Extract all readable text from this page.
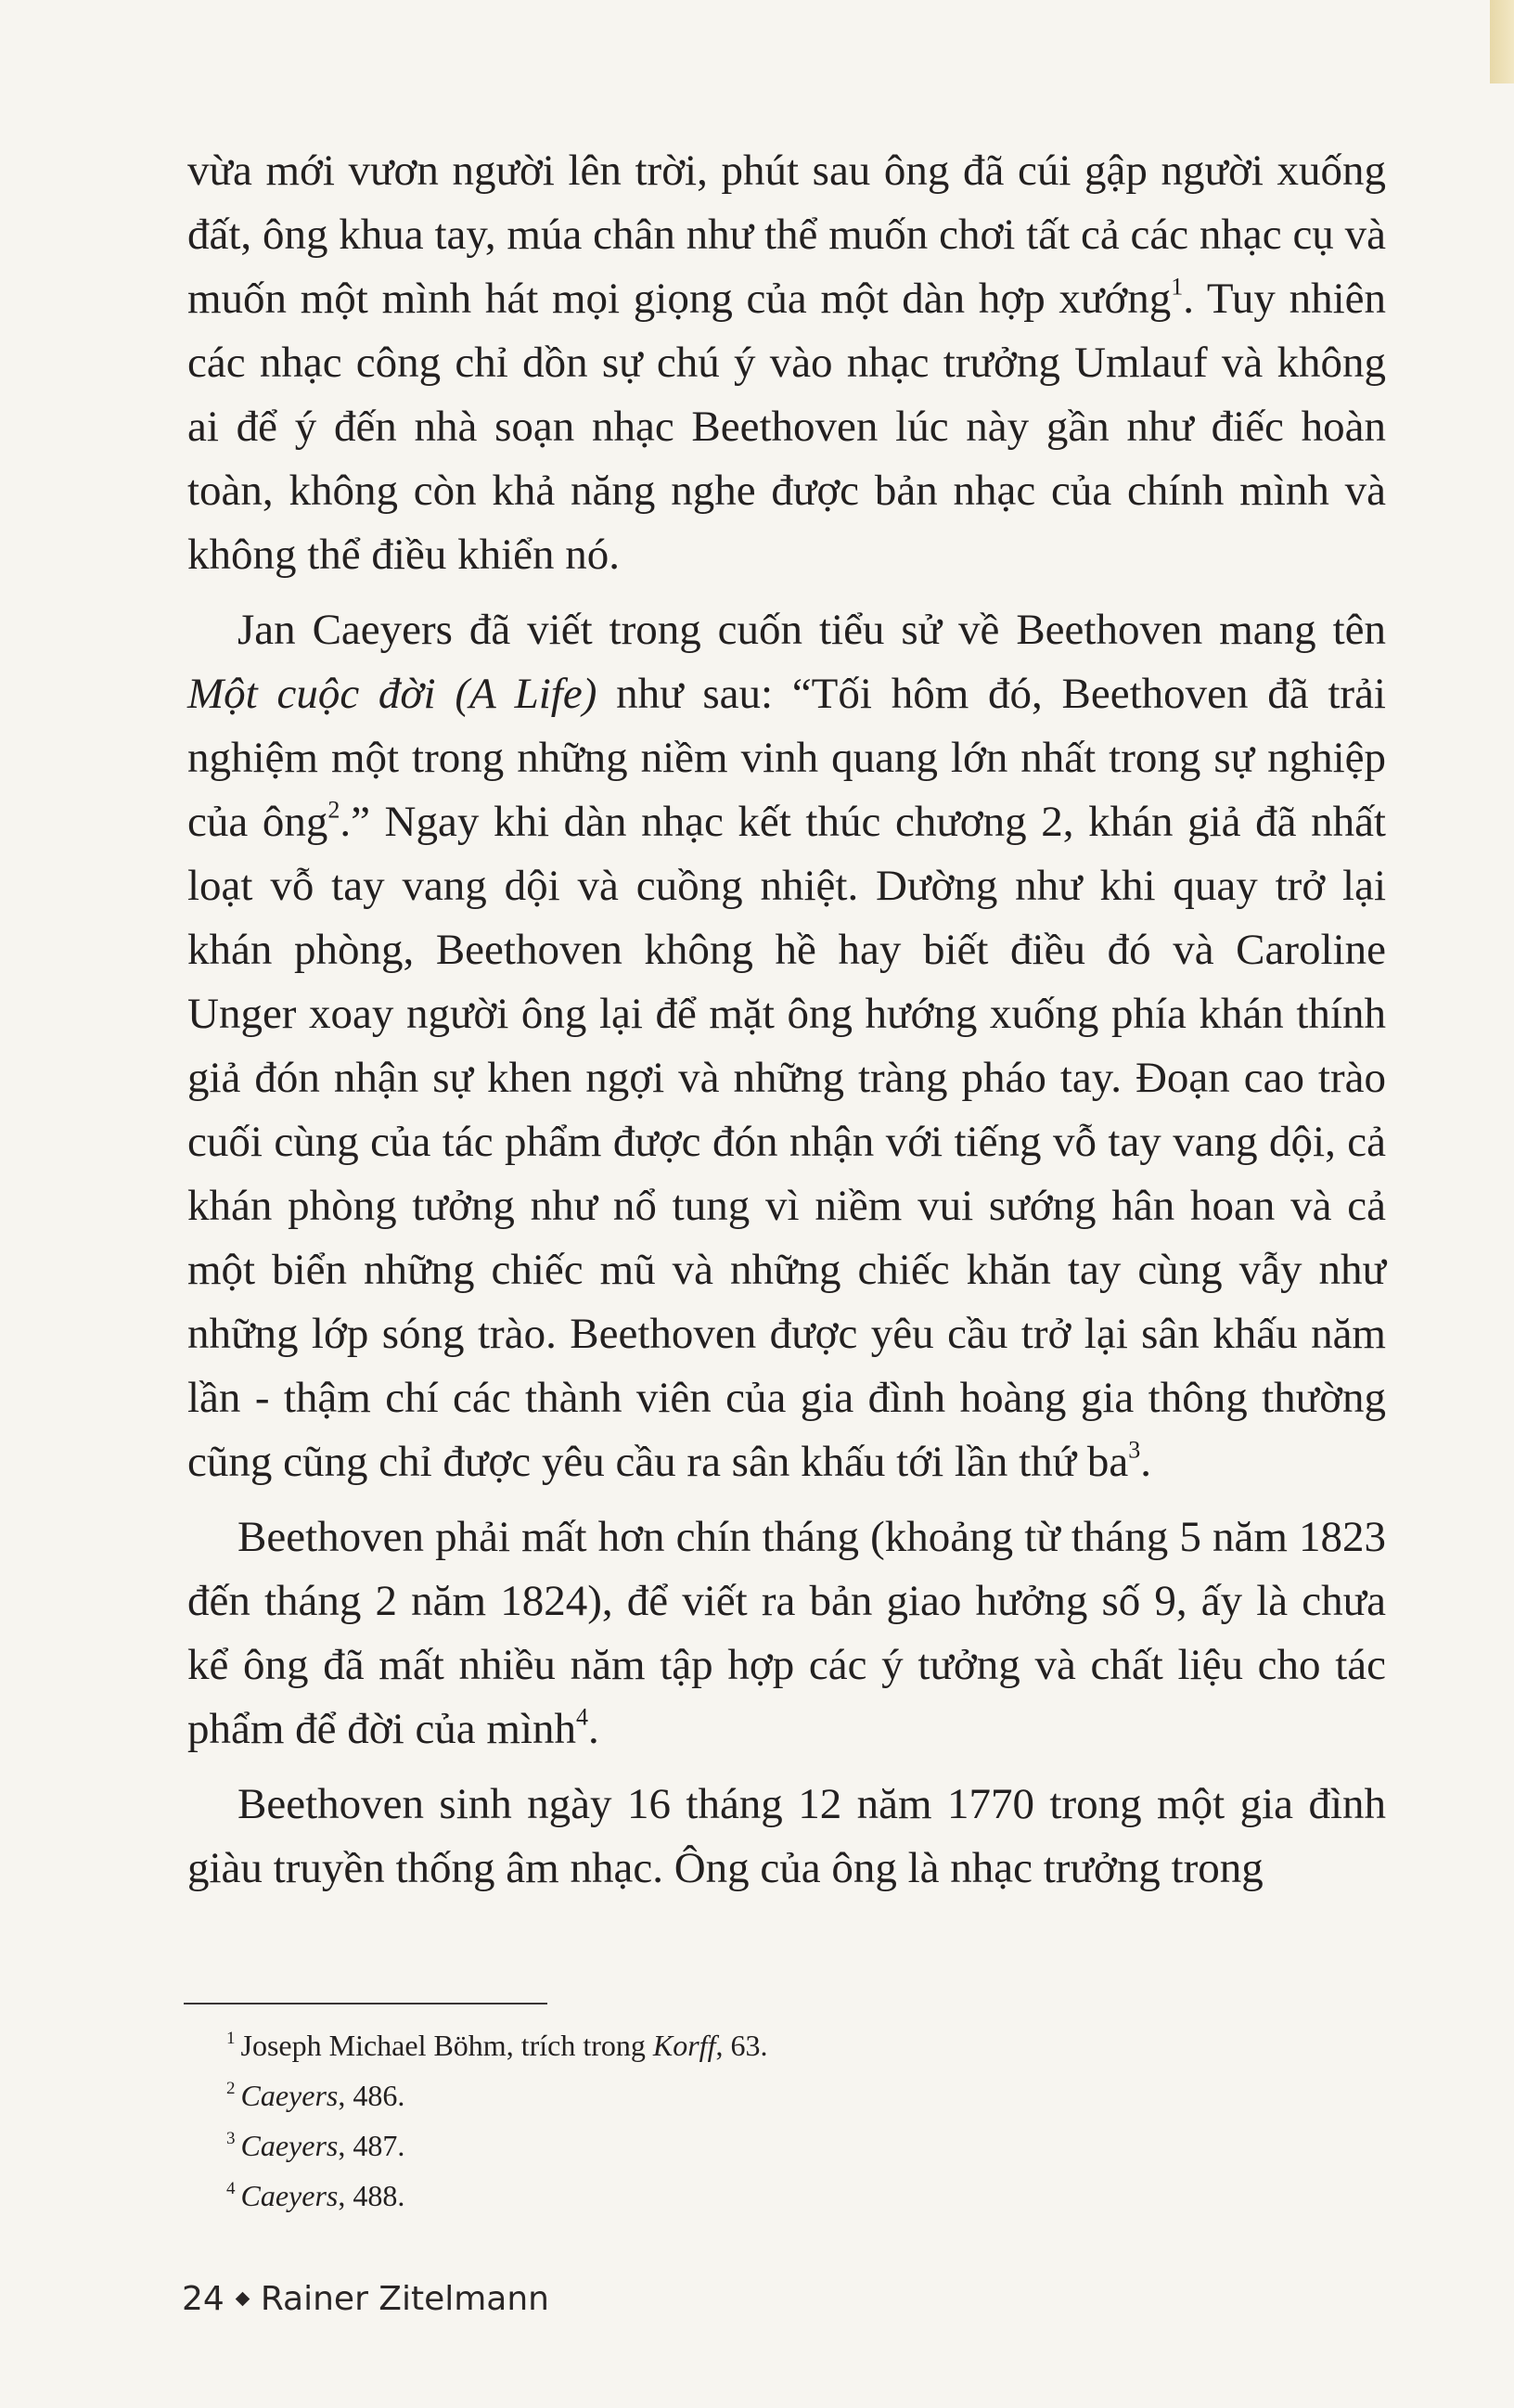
vừa mới vươn người lên trời, phút sau ông đã cúi gập người xuống đất, ông khua tay, múa chân như thể muốn chơi tất cả các nhạc cụ và muốn một mình hát mọi giọng của một dàn hợp xướng$^1$. Tuy nhiên các nhạc công chỉ dồn sự chú ý vào nhạc trưởng Umlauf và không ai để ý đến nhà soạn nhạc Beethoven lúc này gần như điếc hoàn toàn, không còn khả năng nghe được bản nhạc của chính mình và không thể điều khiển nó.

Jan Caeyers đã viết trong cuốn tiểu sử về Beethoven mang tên Một cuộc đời (A Life) như sau: “Tối hôm đó, Beethoven đã trải nghiệm một trong những niềm vinh quang lớn nhất trong sự nghiệp của ông$^2$.” Ngay khi dàn nhạc kết thúc chương 2, khán giả đã nhất loạt vỗ tay vang dội và cuồng nhiệt. Dường như khi quay trở lại khán phòng, Beethoven không hề hay biết điều đó và Caroline Unger xoay người ông lại để mặt ông hướng xuống phía khán thính giả đón nhận sự khen ngợi và những tràng pháo tay. Đoạn cao trào cuối cùng của tác phẩm được đón nhận với tiếng vỗ tay vang dội, cả khán phòng tưởng như nổ tung vì niềm vui sướng hân hoan và cả một biển những chiếc mũ và những chiếc khăn tay cùng vẫy như những lớp sóng trào. Beethoven được yêu cầu trở lại sân khấu năm lần - thậm chí các thành viên của gia đình hoàng gia thông thường cũng cũng chỉ được yêu cầu ra sân khấu tới lần thứ $ba^3$.

Beethoven phải mất hơn chín tháng (khoảng từ tháng 5 năm 1823 đến tháng 2 năm 1824), để viết ra bản giao hưởng số 9, ấy là chưa kể ông đã mất nhiều năm tập hợp các ý tưởng và chất liệu cho tác phẩm để đời của mình$^4$.

Beethoven sinh ngày 16 tháng 12 năm 1770 trong một gia đình giàu truyền thống âm nhạc. Ông của ông là nhạc trưởng trong

$^1$ Joseph Michael Böhm, trích trong Korff, 63.

$^2$ Caeyers, 486.

$^3$ Caeyers, 487.

$^4$ Caeyers, 488.

24 Rainer Zitelmann
